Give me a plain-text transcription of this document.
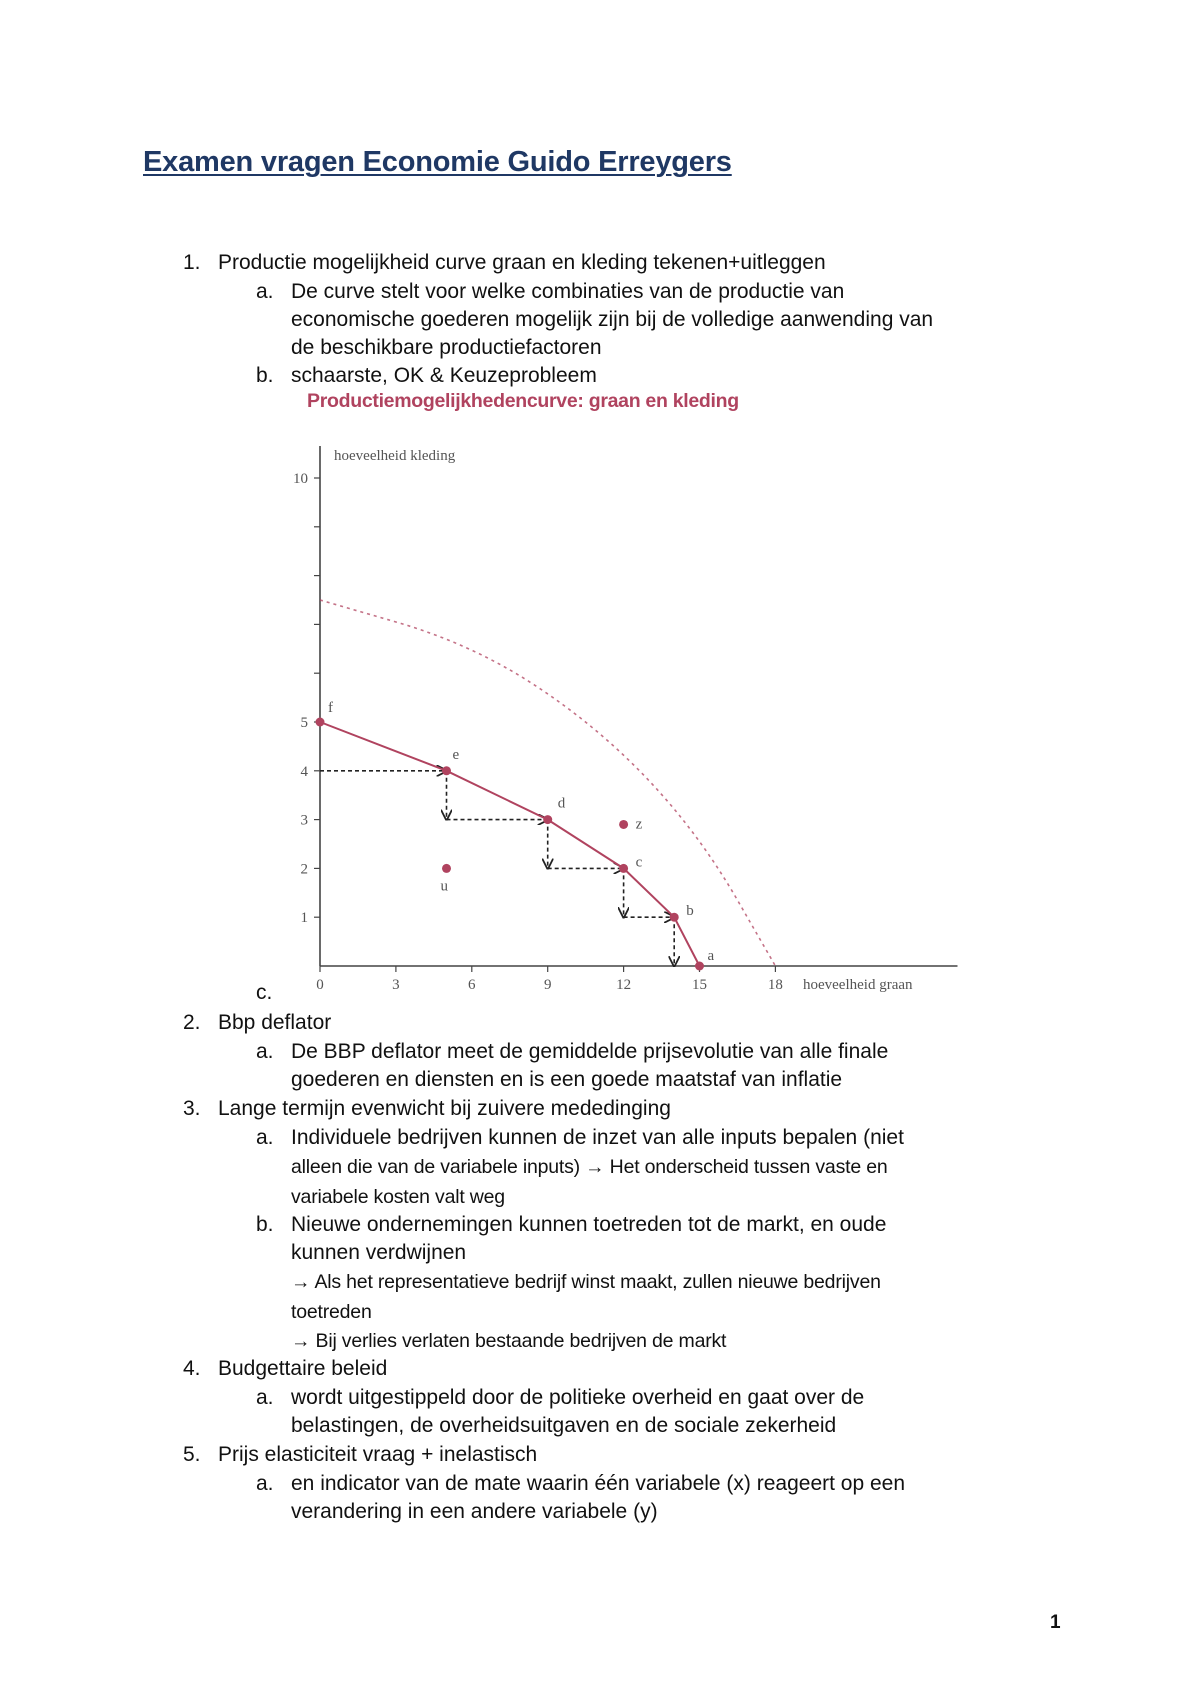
Examen vragen Economie Guido Erreygers
1. Productie mogelijkheid curve graan en kleding tekenen+uitleggen
a. De curve stelt voor welke combinaties van de productie van
economische goederen mogelijk zijn bij de volledige aanwending van
de beschikbare productiefactoren
b. schaarste, OK & Keuzeprobleem
Productiemogelijkhedencurve: graan en kleding
1
2
3
4
5
10
0	3	6	9	12	15	18
hoeveelheid kleding
hoeveelheid graan
f
e
d
c
b
a
u
z
c.
2. Bbp deflator
a. De BBP deflator meet de gemiddelde prijsevolutie van alle finale
goederen en diensten en is een goede maatstaf van inflatie
3. Lange termijn evenwicht bij zuivere mededinging
a. Individuele bedrijven kunnen de inzet van alle inputs bepalen (niet
alleen die van de variabele inputs) → Het onderscheid tussen vaste en
variabele kosten valt weg
b. Nieuwe ondernemingen kunnen toetreden tot de markt, en oude
kunnen verdwijnen
→ Als het representatieve bedrijf winst maakt, zullen nieuwe bedrijven
toetreden
→ Bij verlies verlaten bestaande bedrijven de markt
4. Budgettaire beleid
a. wordt uitgestippeld door de politieke overheid en gaat over de
belastingen, de overheidsuitgaven en de sociale zekerheid
5. Prijs elasticiteit vraag + inelastisch
a. en indicator van de mate waarin één variabele (x) reageert op een
verandering in een andere variabele (y)
1
